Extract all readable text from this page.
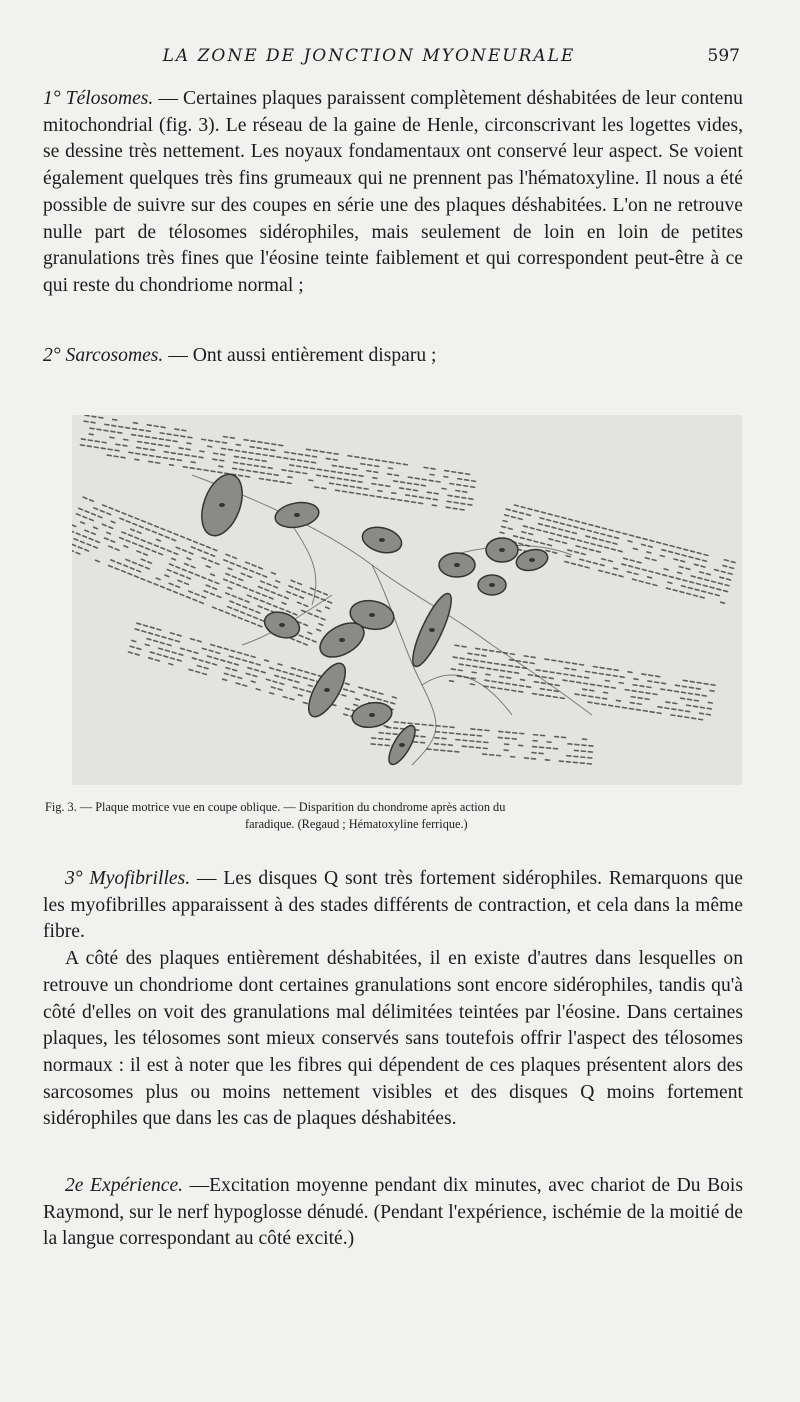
LA ZONE DE JONCTION MYONEURALE	597

1° Télosomes. — Certaines plaques paraissent complètement déshabitées de leur contenu mitochondrial (fig. 3). Le réseau de la gaine de Henle, circonscrivant les logettes vides, se dessine très nettement. Les noyaux fondamentaux ont conservé leur aspect. Se voient également quelques très fins grumeaux qui ne prennent pas l'hématoxyline. Il nous a été possible de suivre sur des coupes en série une des plaques déshabitées. L'on ne retrouve nulle part de télosomes sidérophiles, mais seulement de loin en loin de petites granulations très fines que l'éosine teinte faiblement et qui correspondent peut-être à ce qui reste du chondriome normal ;

2° Sarcosomes. — Ont aussi entièrement disparu ;

Fig. 3. — Plaque motrice vue en coupe oblique. — Disparition du chondrome après action du
faradique. (Regaud ; Hématoxyline ferrique.)

3° Myofibrilles. — Les disques Q sont très fortement sidérophiles. Remarquons que les myofibrilles apparaissent à des stades différents de contraction, et cela dans la même fibre.

A côté des plaques entièrement déshabitées, il en existe d'autres dans lesquelles on retrouve un chondriome dont certaines granulations sont encore sidérophiles, tandis qu'à côté d'elles on voit des granulations mal délimitées teintées par l'éosine. Dans certaines plaques, les télosomes sont mieux conservés sans toutefois offrir l'aspect des télosomes normaux : il est à noter que les fibres qui dépendent de ces plaques présentent alors des sarcosomes plus ou moins nettement visibles et des disques Q moins fortement sidérophiles que dans les cas de plaques déshabitées.

2e Expérience. —Excitation moyenne pendant dix minutes, avec chariot de Du Bois Raymond, sur le nerf hypoglosse dénudé. (Pendant l'expérience, ischémie de la moitié de la langue correspondant au côté excité.)
